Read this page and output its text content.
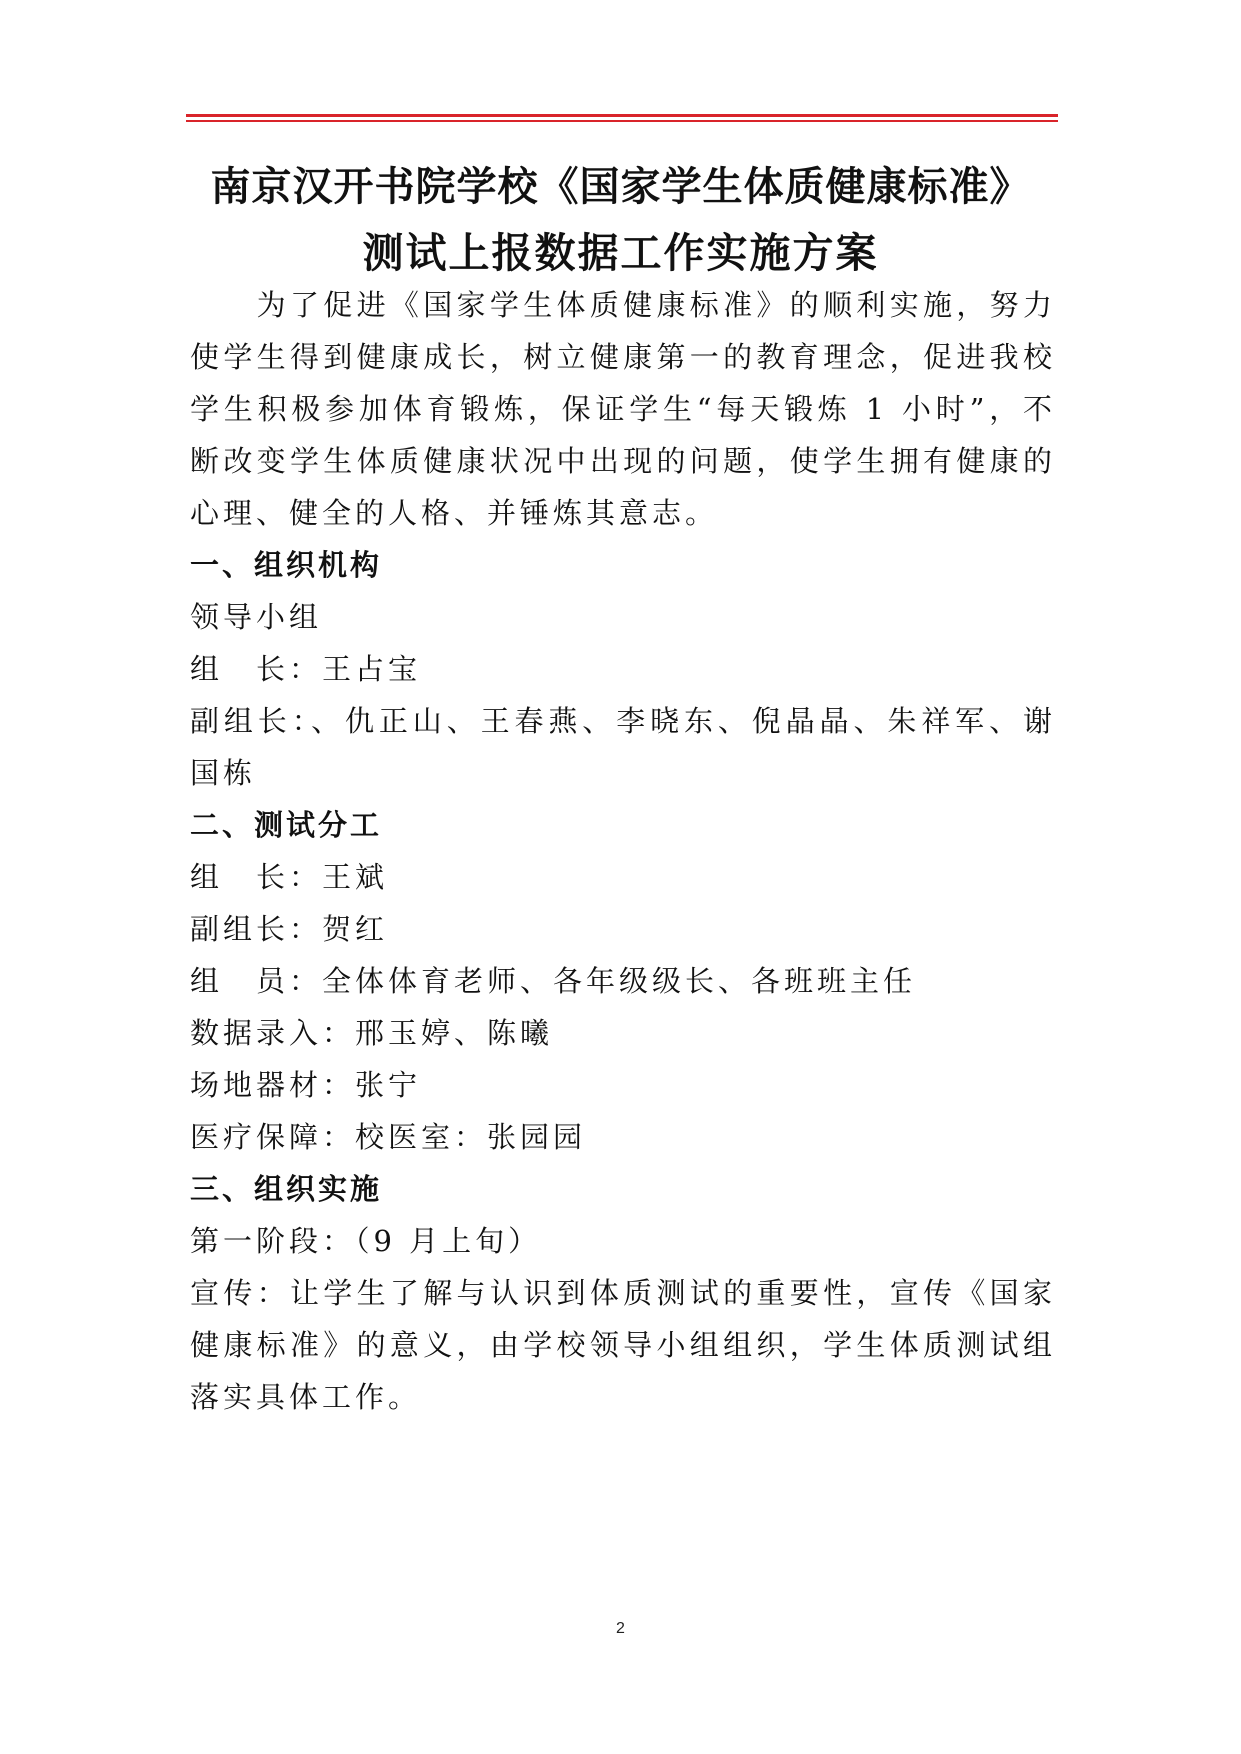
南京汉开书院学校《国家学生体质健康标准》
测试上报数据工作实施方案
　　为了促进《国家学生体质健康标准》的顺利实施，努力
使学生得到健康成长，树立健康第一的教育理念，促进我校
学生积极参加体育锻炼，保证学生“每天锻炼 1 小时”，不
断改变学生体质健康状况中出现的问题，使学生拥有健康的
心理、健全的人格、并锤炼其意志。
一、组织机构
领导小组
组　长：王占宝
副组长：、仇正山、王春燕、李晓东、倪晶晶、朱祥军、谢
国栋
二、测试分工
组　长：王斌
副组长：贺红
组　员：全体体育老师、各年级级长、各班班主任
数据录入：邢玉婷、陈曦
场地器材：张宁
医疗保障：校医室：张园园
三、组织实施
第一阶段：（9 月上旬）
宣传：让学生了解与认识到体质测试的重要性，宣传《国家
健康标准》的意义，由学校领导小组组织，学生体质测试组
落实具体工作。
2
